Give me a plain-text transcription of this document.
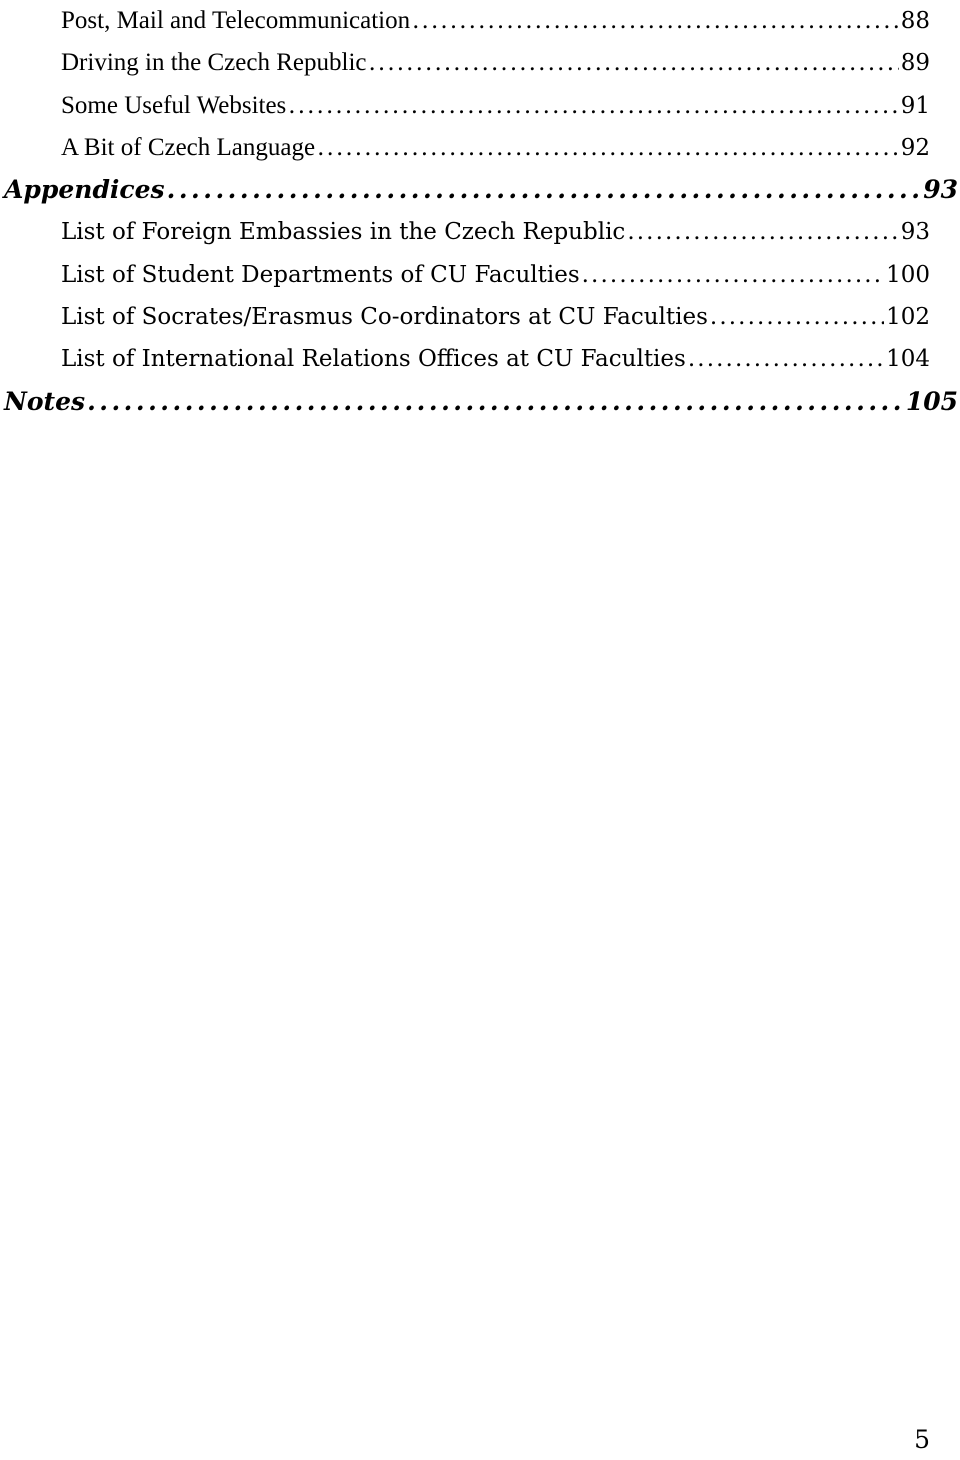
Post, Mail and Telecommunication . . .	88
Driving in the Czech Republic . . .	89
Some Useful Websites . . .	91
A Bit of Czech Language . . .	92
Appendices . . .	93
List of Foreign Embassies in the Czech Republic . . .	93
List of Student Departments of CU Faculties . . .	100
List of Socrates/Erasmus Co-ordinators at CU Faculties . . .	102
List of International Relations Offices at CU Faculties . . .	104
Notes . . .	105
5
